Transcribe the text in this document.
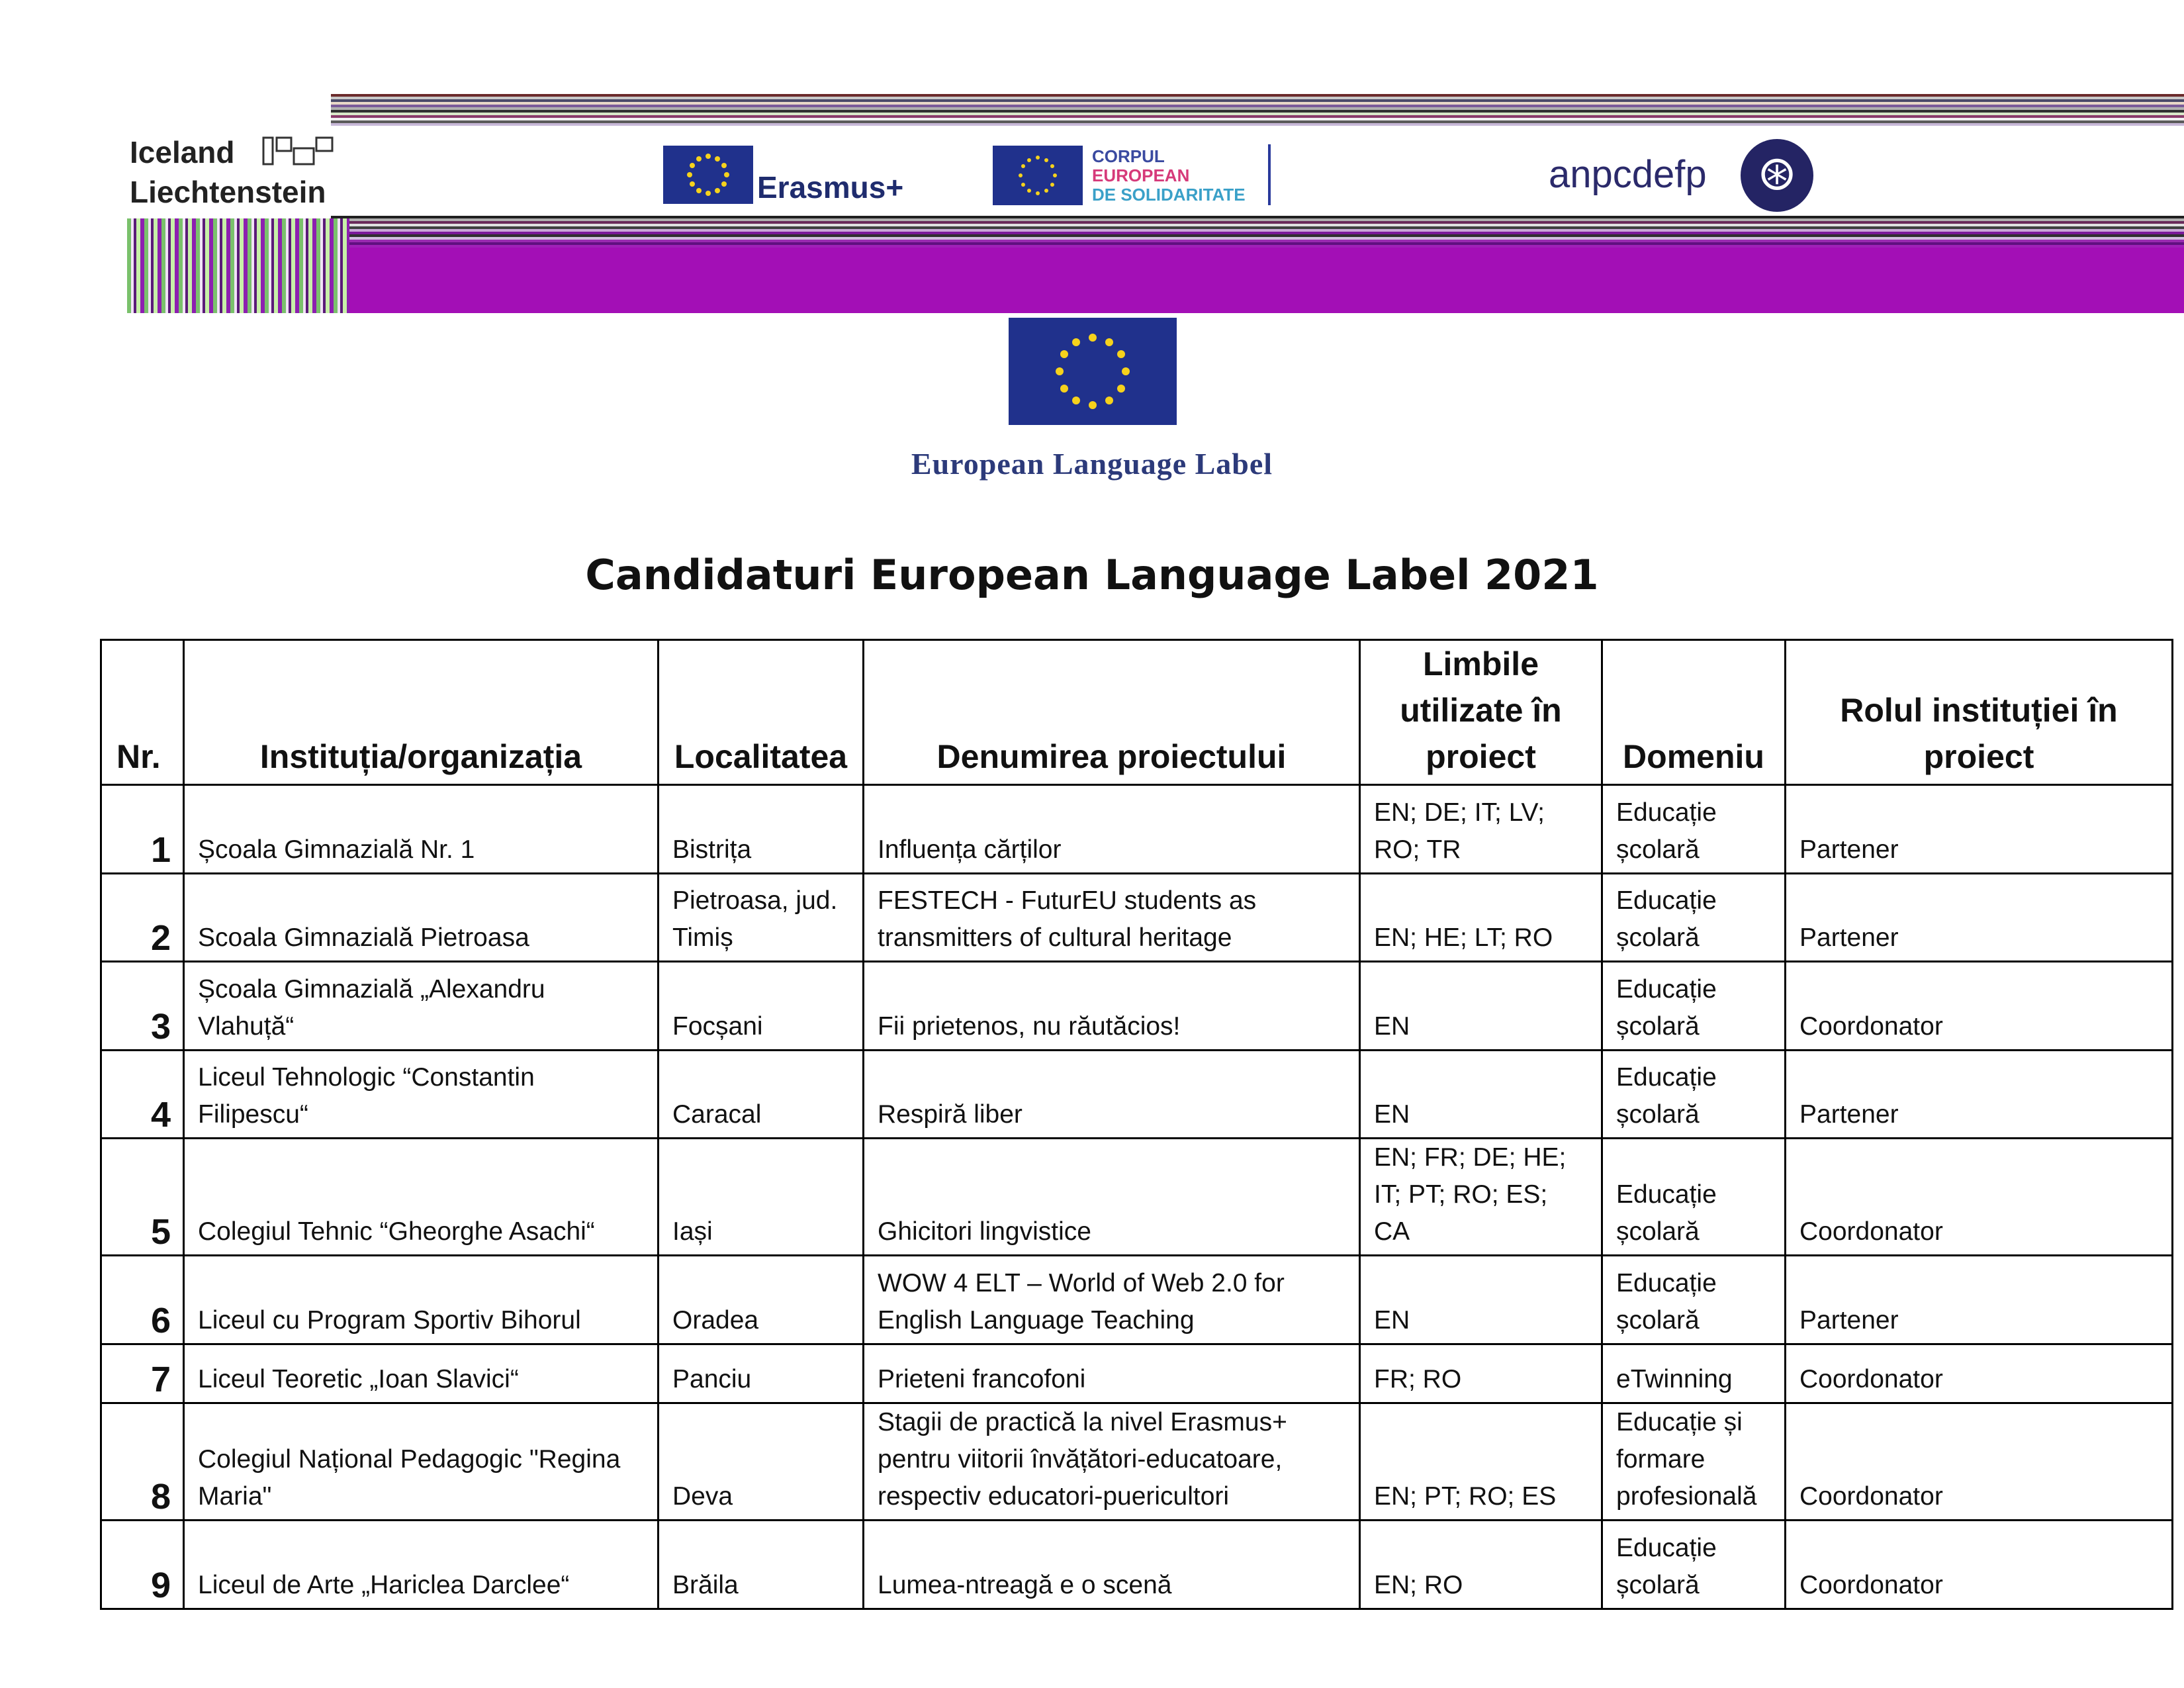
Iceland
Liechtenstein	Erasmus+
CORPUL
EUROPEAN
DE SOLIDARITATE	anpcdefp	⊛
European Language Label
Candidaturi European Language Label 2021
Nr.	Instituția/organizația	Localitatea	Denumirea proiectului	Limbile utilizate în proiect	Domeniu	Rolul instituției în proiect
1	Școala Gimnazială Nr. 1	Bistrița	Influența cărților	EN; DE; IT; LV; RO; TR	Educație școlară	Partener
2	Scoala Gimnazială Pietroasa	Pietroasa, jud. Timiș	FESTECH - FuturEU students as transmitters of cultural heritage	EN; HE; LT; RO	Educație școlară	Partener
3	Școala Gimnazială „Alexandru Vlahuță“	Focșani	Fii prietenos, nu răutăcios!	EN	Educație școlară	Coordonator
4	Liceul Tehnologic “Constantin Filipescu“	Caracal	Respiră liber	EN	Educație școlară	Partener
5	Colegiul Tehnic “Gheorghe Asachi“	Iași	Ghicitori lingvistice	EN; FR; DE; HE; IT; PT; RO; ES; CA	Educație școlară	Coordonator
6	Liceul cu Program Sportiv Bihorul	Oradea	WOW 4 ELT – World of Web 2.0 for English Language Teaching	EN	Educație școlară	Partener
7	Liceul Teoretic „Ioan Slavici“	Panciu	Prieteni francofoni	FR; RO	eTwinning	Coordonator
8	Colegiul Național Pedagogic "Regina Maria"	Deva	Stagii de practică la nivel Erasmus+ pentru viitorii învățători-educatoare, respectiv educatori-puericultori	EN; PT; RO; ES	Educație și formare profesională	Coordonator
9	Liceul de Arte „Hariclea Darclee“	Brăila	Lumea-ntreagă e o scenă	EN; RO	Educație școlară	Coordonator
